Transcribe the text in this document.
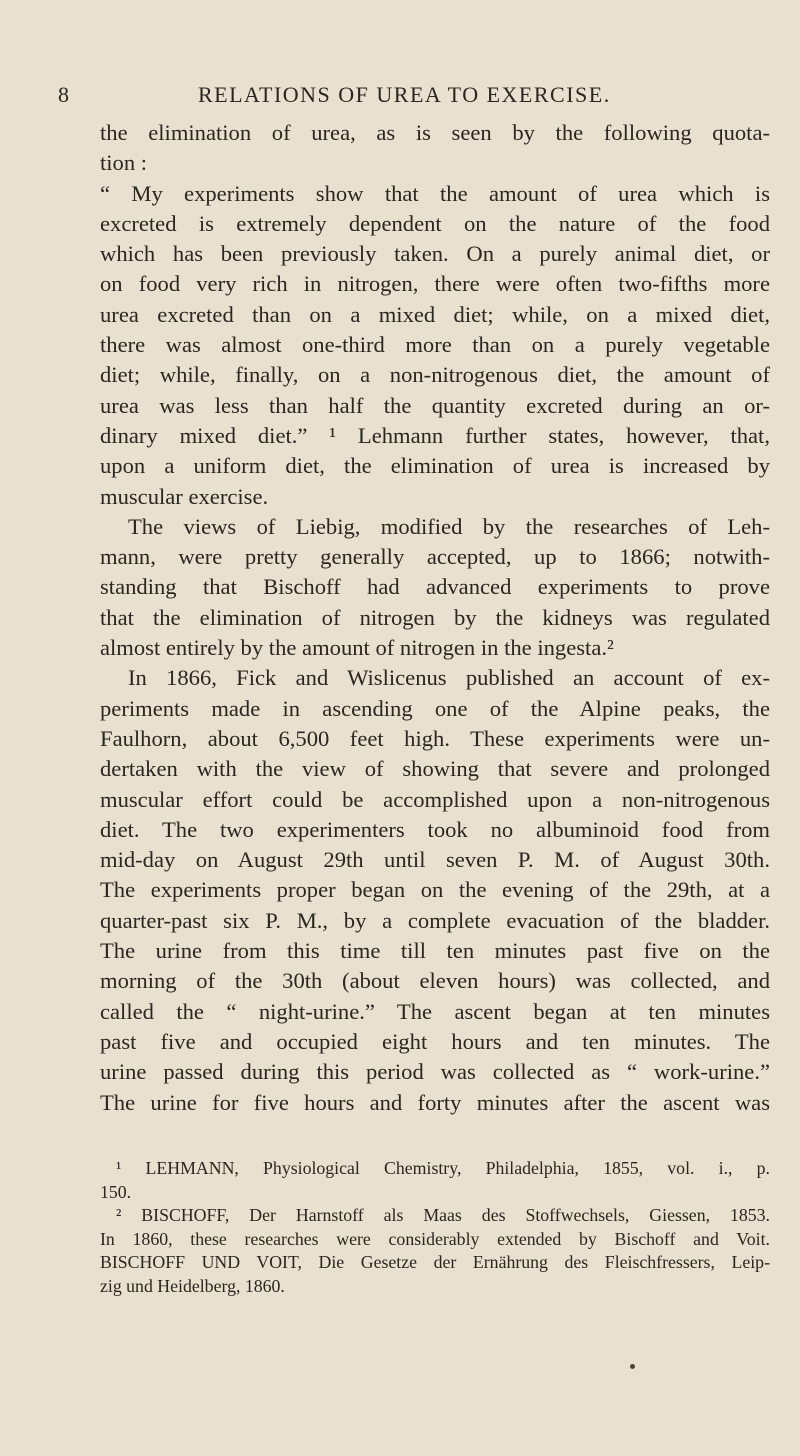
8	RELATIONS OF UREA TO EXERCISE.
the elimination of urea, as is seen by the following quota-
tion :
“ My experiments show that the amount of urea which is
excreted is extremely dependent on the nature of the food
which has been previously taken. On a purely animal diet, or
on food very rich in nitrogen, there were often two-fifths more
urea excreted than on a mixed diet; while, on a mixed diet,
there was almost one-third more than on a purely vegetable
diet; while, finally, on a non-nitrogenous diet, the amount of
urea was less than half the quantity excreted during an or-
dinary mixed diet.” ¹ Lehmann further states, however, that,
upon a uniform diet, the elimination of urea is increased by
muscular exercise.
The views of Liebig, modified by the researches of Leh-
mann, were pretty generally accepted, up to 1866; notwith-
standing that Bischoff had advanced experiments to prove
that the elimination of nitrogen by the kidneys was regulated
almost entirely by the amount of nitrogen in the ingesta.²
In 1866, Fick and Wislicenus published an account of ex-
periments made in ascending one of the Alpine peaks, the
Faulhorn, about 6,500 feet high. These experiments were un-
dertaken with the view of showing that severe and prolonged
muscular effort could be accomplished upon a non-nitrogenous
diet. The two experimenters took no albuminoid food from
mid-day on August 29th until seven P. M. of August 30th.
The experiments proper began on the evening of the 29th, at a
quarter-past six P. M., by a complete evacuation of the bladder.
The urine from this time till ten minutes past five on the
morning of the 30th (about eleven hours) was collected, and
called the “ night-urine.” The ascent began at ten minutes
past five and occupied eight hours and ten minutes. The
urine passed during this period was collected as “ work-urine.”
The urine for five hours and forty minutes after the ascent was
¹ LEHMANN, Physiological Chemistry, Philadelphia, 1855, vol. i., p.
150.
² BISCHOFF, Der Harnstoff als Maas des Stoffwechsels, Giessen, 1853.
In 1860, these researches were considerably extended by Bischoff and Voit.
BISCHOFF UND VOIT, Die Gesetze der Ernährung des Fleischfressers, Leip-
zig und Heidelberg, 1860.
